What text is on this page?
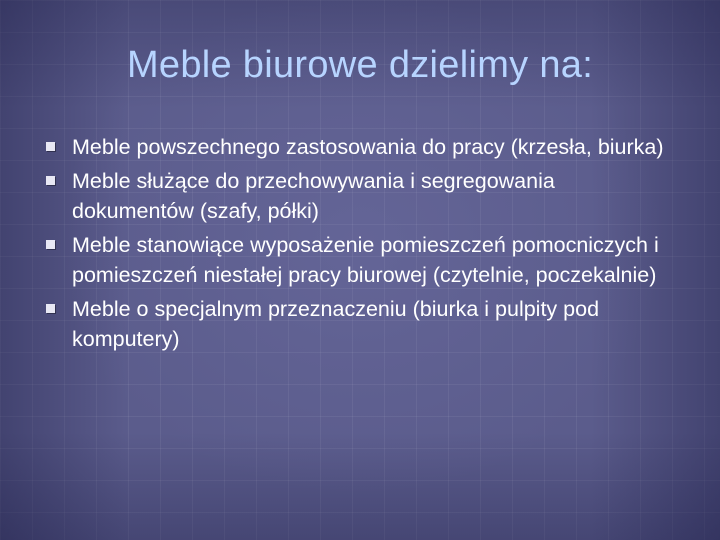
Meble biurowe dzielimy na:
Meble powszechnego zastosowania do pracy (krzesła, biurka)
Meble służące do przechowywania i segregowania dokumentów (szafy, półki)
Meble stanowiące wyposażenie pomieszczeń pomocniczych i pomieszczeń niestałej pracy biurowej (czytelnie, poczekalnie)
Meble o specjalnym przeznaczeniu (biurka i pulpity pod komputery)
